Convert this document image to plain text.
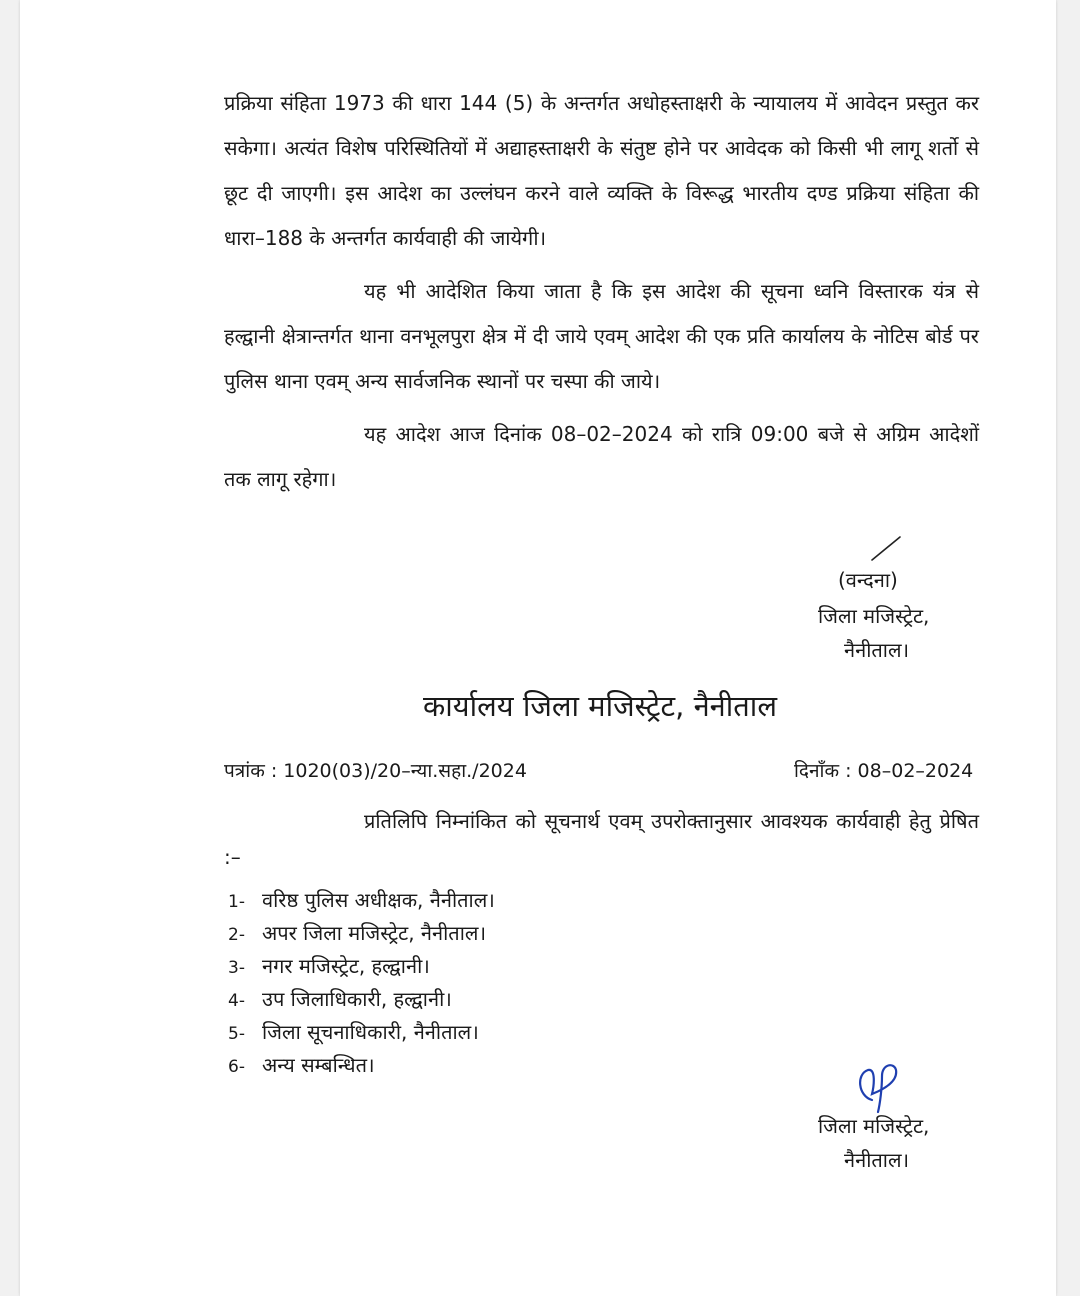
प्रक्रिया संहिता 1973 की धारा 144 (5) के अन्तर्गत अधोहस्ताक्षरी के न्यायालय में आवेदन प्रस्तुत कर सकेगा। अत्यंत विशेष परिस्थितियों में अद्याहस्ताक्षरी के संतुष्ट होने पर आवेदक को किसी भी लागू शर्तो से छूट दी जाएगी। इस आदेश का उल्लंघन करने वाले व्यक्ति के विरूद्ध भारतीय दण्ड प्रक्रिया संहिता की धारा–188 के अन्तर्गत कार्यवाही की जायेगी।
यह भी आदेशित किया जाता है कि इस आदेश की सूचना ध्वनि विस्तारक यंत्र से हल्द्वानी क्षेत्रान्तर्गत थाना वनभूलपुरा क्षेत्र में दी जाये एवम् आदेश की एक प्रति कार्यालय के नोटिस बोर्ड पर पुलिस थाना एवम् अन्य सार्वजनिक स्थानों पर चस्पा की जाये।
यह आदेश आज दिनांक 08–02–2024 को रात्रि 09:00 बजे से अग्रिम आदेशों तक लागू रहेगा।
(वन्दना)
जिला मजिस्ट्रेट,
नैनीताल।
कार्यालय जिला मजिस्ट्रेट, नैनीताल
पत्रांक : 1020(03)/20–न्या.सहा./2024	दिनाँक : 08–02–2024
प्रतिलिपि निम्नांकित को सूचनार्थ एवम् उपरोक्तानुसार आवश्यक कार्यवाही हेतु प्रेषित :–
1- वरिष्ठ पुलिस अधीक्षक, नैनीताल।
2- अपर जिला मजिस्ट्रेट, नैनीताल।
3- नगर मजिस्ट्रेट, हल्द्वानी।
4- उप जिलाधिकारी, हल्द्वानी।
5- जिला सूचनाधिकारी, नैनीताल।
6- अन्य सम्बन्धित।
जिला मजिस्ट्रेट,
नैनीताल।
